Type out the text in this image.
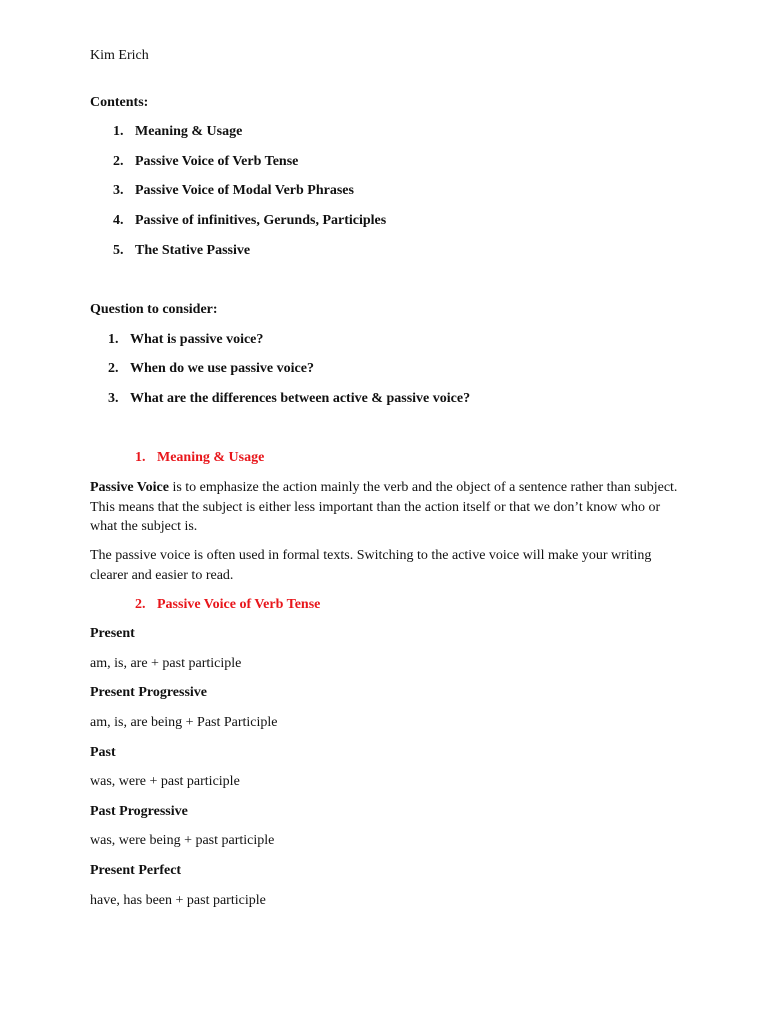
Kim Erich
Contents:
1. Meaning & Usage
2. Passive Voice of Verb Tense
3. Passive Voice of Modal Verb Phrases
4. Passive of infinitives, Gerunds, Participles
5. The Stative Passive
Question to consider:
1. What is passive voice?
2. When do we use passive voice?
3. What are the differences between active & passive voice?
1. Meaning & Usage

Passive Voice is to emphasize the action mainly the verb and the object of a sentence rather than subject. This means that the subject is either less important than the action itself or that we don’t know who or what the subject is.

The passive voice is often used in formal texts. Switching to the active voice will make your writing clearer and easier to read.

2. Passive Voice of Verb Tense
Present
am, is, are + past participle
Present Progressive
am, is, are being + Past Participle
Past
was, were + past participle
Past Progressive
was, were being + past participle
Present Perfect
have, has been + past participle
